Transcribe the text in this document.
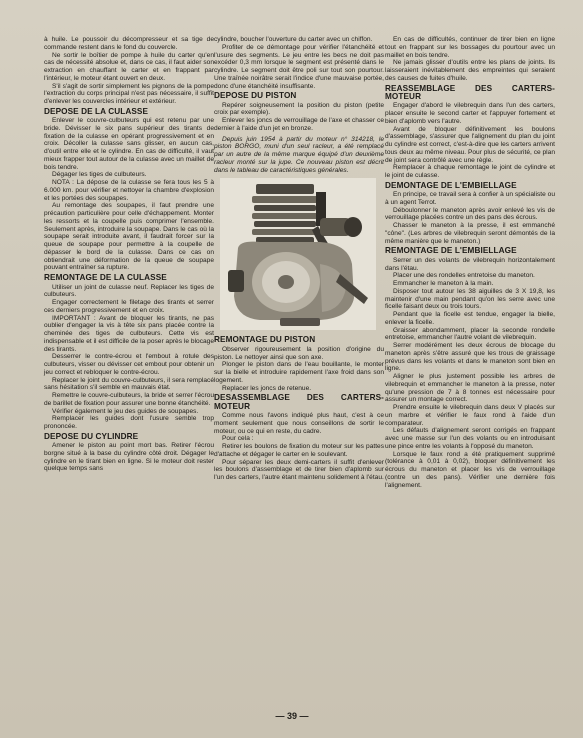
à huile. Le poussoir du décompresseur et sa tige de commande restent dans le fond du couvercle.

Ne sortir le boîtier de pompe à huile du carter qu'en cas de nécessité absolue et, dans ce cas, il faut aider son extraction en chauffant le carter et en frappant par l'intérieur, le moteur étant ouvert en deux.

S'il s'agit de sortir simplement les pignons de la pompe l'extraction du corps principal n'est pas nécessaire, il suffit d'enlever les couvercles intérieur et extérieur.

DEPOSE DE LA CULASSE

Enlever le couvre-culbuteurs qui est retenu par une bride. Dévisser le six pans supérieur des tirants de fixation de la culasse en opérant progressivement et en croix. Décoller la culasse sans glisser, en aucun cas, d'outil entre elle et le cylindre. En cas de difficulté, il vaut mieux frapper tout autour de la culasse avec un maillet de bois tendre.

Dégager les tiges de culbuteurs.

NOTA : La dépose de la culasse se fera tous les 5 à 6.000 km. pour vérifier et nettoyer la chambre d'explosion et les portées des soupapes.

Au remontage des soupapes, il faut prendre une précaution particulière pour celle d'échappement. Monter les ressorts et la coupelle puis comprimer l'ensemble. Seulement après, introduire la soupape. Dans le cas où la soupape serait introduite avant, il faudrait forcer sur la queue de soupape pour permettre à la coupelle de dépasser le bord de la culasse. Dans ce cas on obtiendrait une déformation de la queue de soupape pouvant entraîner sa rupture.

REMONTAGE DE LA CULASSE

Utiliser un joint de culasse neuf. Replacer les tiges de culbuteurs.

Engager correctement le filetage des tirants et serrer ces derniers progressivement et en croix.

IMPORTANT : Avant de bloquer les tirants, ne pas oublier d'engager la vis à tête six pans placée contre la cheminée des tiges de culbuteurs. Cette vis est indispensable et il est difficile de la poser après le blocage des tirants.

Desserrer le contre-écrou et l'embout à rotule des culbuteurs, visser ou dévisser cet embout pour obtenir un jeu correct et rebloquer le contre-écrou.

Replacer le joint du couvre-culbuteurs, il sera remplacé sans hésitation s'il semble en mauvais état.

Remettre le couvre-culbuteurs, la bride et serrer l'écrou de barillet de fixation pour assurer une bonne étanchéité.

Vérifier également le jeu des guides de soupapes.

Remplacer les guides dont l'usure semble trop prononcée.

DEPOSE DU CYLINDRE

Amener le piston au point mort bas. Retirer l'écrou borgne situé à la base du cylindre côté droit. Dégager le cylindre en le tirant bien en ligne. Si le moteur doit rester quelque temps sans

cylindre, boucher l'ouverture du carter avec un chiffon.

Profiter de ce démontage pour vérifier l'étanchéité et l'usure des segments. Le jeu entre les becs ne doit pas excéder 0,3 mm lorsque le segment est présenté dans le cylindre. Le segment doit être poli sur tout son pourtour. Une traînée noirâtre serait l'indice d'une mauvaise portée, donc d'une étanchéité insuffisante.

DEPOSE DU PISTON

Repérer soigneusement la position du piston (petite croix par exemple).

Enlever les joncs de verrouillage de l'axe et chasser ce dernier à l'aide d'un jet en bronze.

Depuis juin 1954 à partir du moteur n° 314218, le piston BORGO, muni d'un seul racleur, a été remplacé par un autre de la même marque équipé d'un deuxième racleur monté sur la jupe. Ce nouveau piston est décrit dans le tableau de caractéristiques générales.

REMONTAGE DU PISTON

Observer rigoureusement la position d'origine du piston. Le nettoyer ainsi que son axe.

Plonger le piston dans de l'eau bouillante, le monter sur la bielle et introduire rapidement l'axe froid dans son logement.

Replacer les joncs de retenue.

DESASSEMBLAGE DES CARTERS-MOTEUR

Comme nous l'avons indiqué plus haut, c'est à ce moment seulement que nous conseillons de sortir le moteur, ou ce qui en reste, du cadre.

Pour cela :

Retirer les boulons de fixation du moteur sur les pattes d'attache et dégager le carter en le soulevant.

Pour séparer les deux demi-carters il suffit d'enlever les boulons d'assemblage et de tirer bien d'aplomb sur l'un des carters, l'autre étant maintenu solidement à l'étau.

En cas de difficultés, continuer de tirer bien en ligne tout en frappant sur les bossages du pourtour avec un maillet en bois tendre.

Ne jamais glisser d'outils entre les plans de joints. Ils laisseraient inévitablement des empreintes qui seraient des causes de fuites d'huile.

REASSEMBLAGE DES CARTERS-MOTEUR

Engager d'abord le vilebrequin dans l'un des carters, placer ensuite le second carter et l'appuyer fortement et bien d'aplomb vers l'autre.

Avant de bloquer définitivement les boulons d'assemblage, s'assurer que l'alignement du plan du joint du cylindre est correct, c'est-à-dire que les carters arrivent tous deux au même niveau. Pour plus de sécurité, ce plan de joint sera contrôlé avec une règle.

Remplacer à chaque remontage le joint de cylindre et le joint de culasse.

DEMONTAGE DE L'EMBIELLAGE

En principe, ce travail sera à confier à un spécialiste ou à un agent Terrot.

Déboulonner le maneton après avoir enlevé les vis de verrouillage placées contre un des pans des écrous.

Chasser le maneton à la presse, il est emmanché "cône". (Les arbres de vilebrequin seront démontés de la même manière que le maneton.)

REMONTAGE DE L'EMBIELLAGE

Serrer un des volants de vilebrequin horizontalement dans l'étau.

Placer une des rondelles entretoise du maneton.

Emmancher le maneton à la main.

Disposer tout autour les 38 aiguilles de 3 X 19,8, les maintenir d'une main pendant qu'on les serre avec une ficelle faisant deux ou trois tours.

Pendant que la ficelle est tendue, engager la bielle, enlever la ficelle.

Graisser abondamment, placer la seconde rondelle entretoise, emmancher l'autre volant de vilebrequin.

Serrer modérément les deux écrous de blocage du maneton après s'être assuré que les trous de graissage prévus dans les volants et dans le maneton sont bien en ligne.

Aligner le plus justement possible les arbres de vilebrequin et emmancher le maneton à la presse, noter qu'une pression de 7 à 8 tonnes est nécessaire pour assurer un montage correct.

Prendre ensuite le vilebrequin dans deux V placés sur un marbre et vérifier le faux rond à l'aide d'un comparateur.

Les défauts d'alignement seront corrigés en frappant avec une masse sur l'un des volants ou en introduisant une pince entre les volants à l'opposé du maneton.

Lorsque le faux rond a été pratiquement supprimé (tolérance à 0,01 à 0,02), bloquer définitivement les écrous du maneton et placer les vis de verrouillage (contre un des pans). Vérifier une dernière fois l'alignement.

— 39 —
